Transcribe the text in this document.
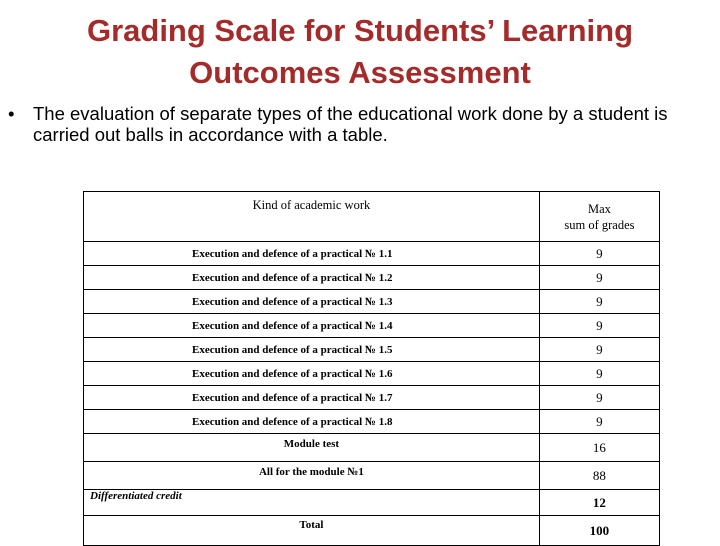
Grading Scale for Students’ Learning
Outcomes Assessment
• The evaluation of separate types of the educational work done by a student is carried out balls in accordance with a table.
Kind of academic work	Max
sum of grades

Execution and defence of a practical № 1.1	9
Execution and defence of a practical № 1.2	9
Execution and defence of a practical № 1.3	9
Execution and defence of a practical № 1.4	9
Execution and defence of a practical № 1.5	9
Execution and defence of a practical № 1.6	9
Execution and defence of a practical № 1.7	9
Execution and defence of a practical № 1.8	9
Module test	16
All for the module №1	88
Differentiated credit	12
Total	100
